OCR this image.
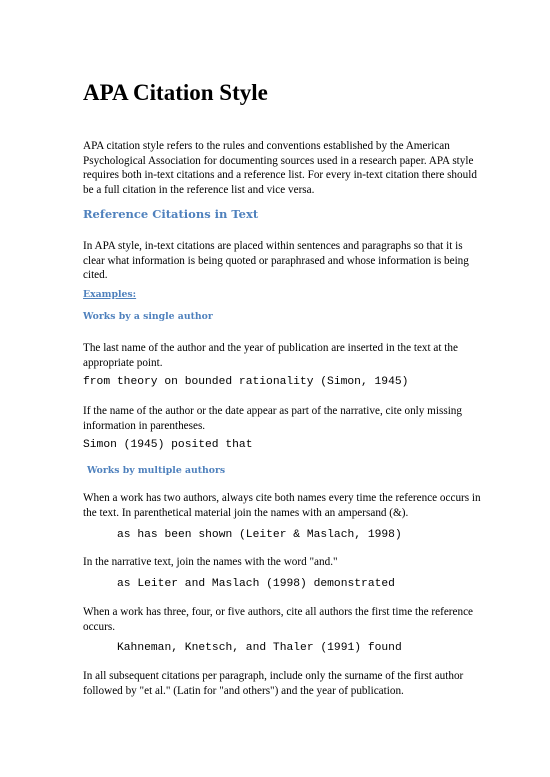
APA Citation Style

APA citation style refers to the rules and conventions established by the American Psychological Association for documenting sources used in a research paper. APA style requires both in-text citations and a reference list. For every in-text citation there should be a full citation in the reference list and vice versa.

Reference Citations in Text

In APA style, in-text citations are placed within sentences and paragraphs so that it is clear what information is being quoted or paraphrased and whose information is being cited.

Examples:

Works by a single author

The last name of the author and the year of publication are inserted in the text at the appropriate point.

from theory on bounded rationality (Simon, 1945)

If the name of the author or the date appear as part of the narrative, cite only missing information in parentheses.

Simon (1945) posited that

Works by multiple authors

When a work has two authors, always cite both names every time the reference occurs in the text. In parenthetical material join the names with an ampersand (&).

as has been shown (Leiter & Maslach, 1998)

In the narrative text, join the names with the word "and."

as Leiter and Maslach (1998) demonstrated

When a work has three, four, or five authors, cite all authors the first time the reference occurs.

Kahneman, Knetsch, and Thaler (1991) found

In all subsequent citations per paragraph, include only the surname of the first author followed by "et al." (Latin for "and others") and the year of publication.
